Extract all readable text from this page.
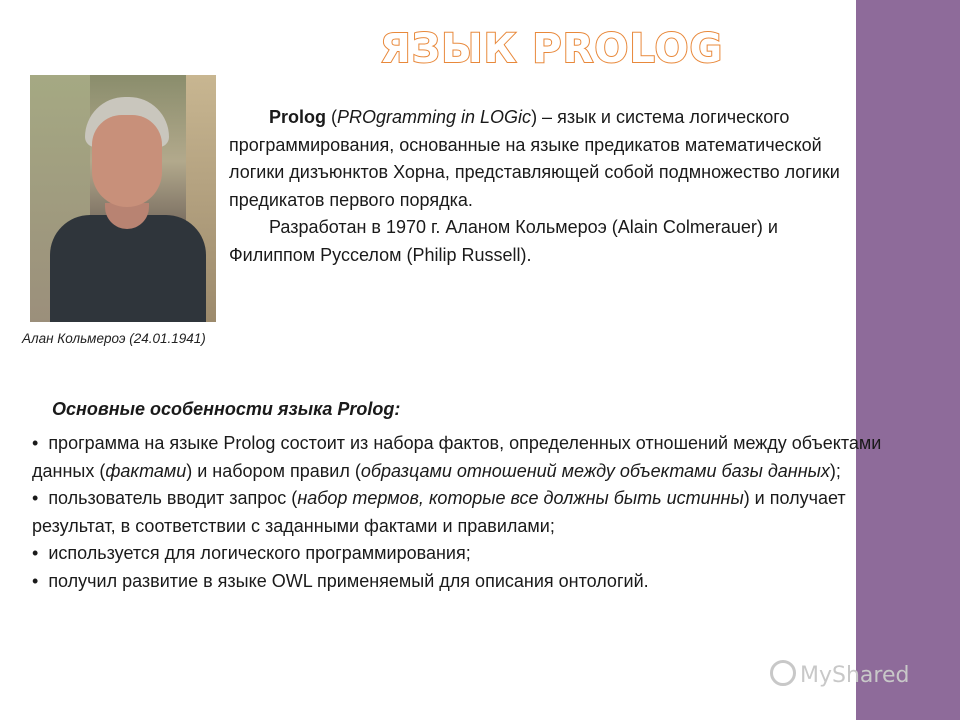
ЯЗЫК PROLOG
Алан Кольмероэ (24.01.1941)

Prolog (PROgramming in LOGic) – язык и система логического программирования, основанные на языке предикатов математической логики дизъюнктов Хорна, представляющей собой подмножество логики предикатов первого порядка.

Разработан в 1970 г. Аланом Кольмероэ (Alain Colmerauer) и Филиппом Русселом (Philip Russell).

Основные особенности языка Prolog:
• программа на языке Prolog состоит из набора фактов, определенных отношений между объектами данных (фактами) и набором правил (образцами отношений между объектами базы данных);
• пользователь вводит запрос (набор термов, которые все должны быть истинны) и получает результат, в соответствии с заданными фактами и правилами;
• используется для логического программирования;
• получил развитие в языке OWL применяемый для описания онтологий.
MyShared
